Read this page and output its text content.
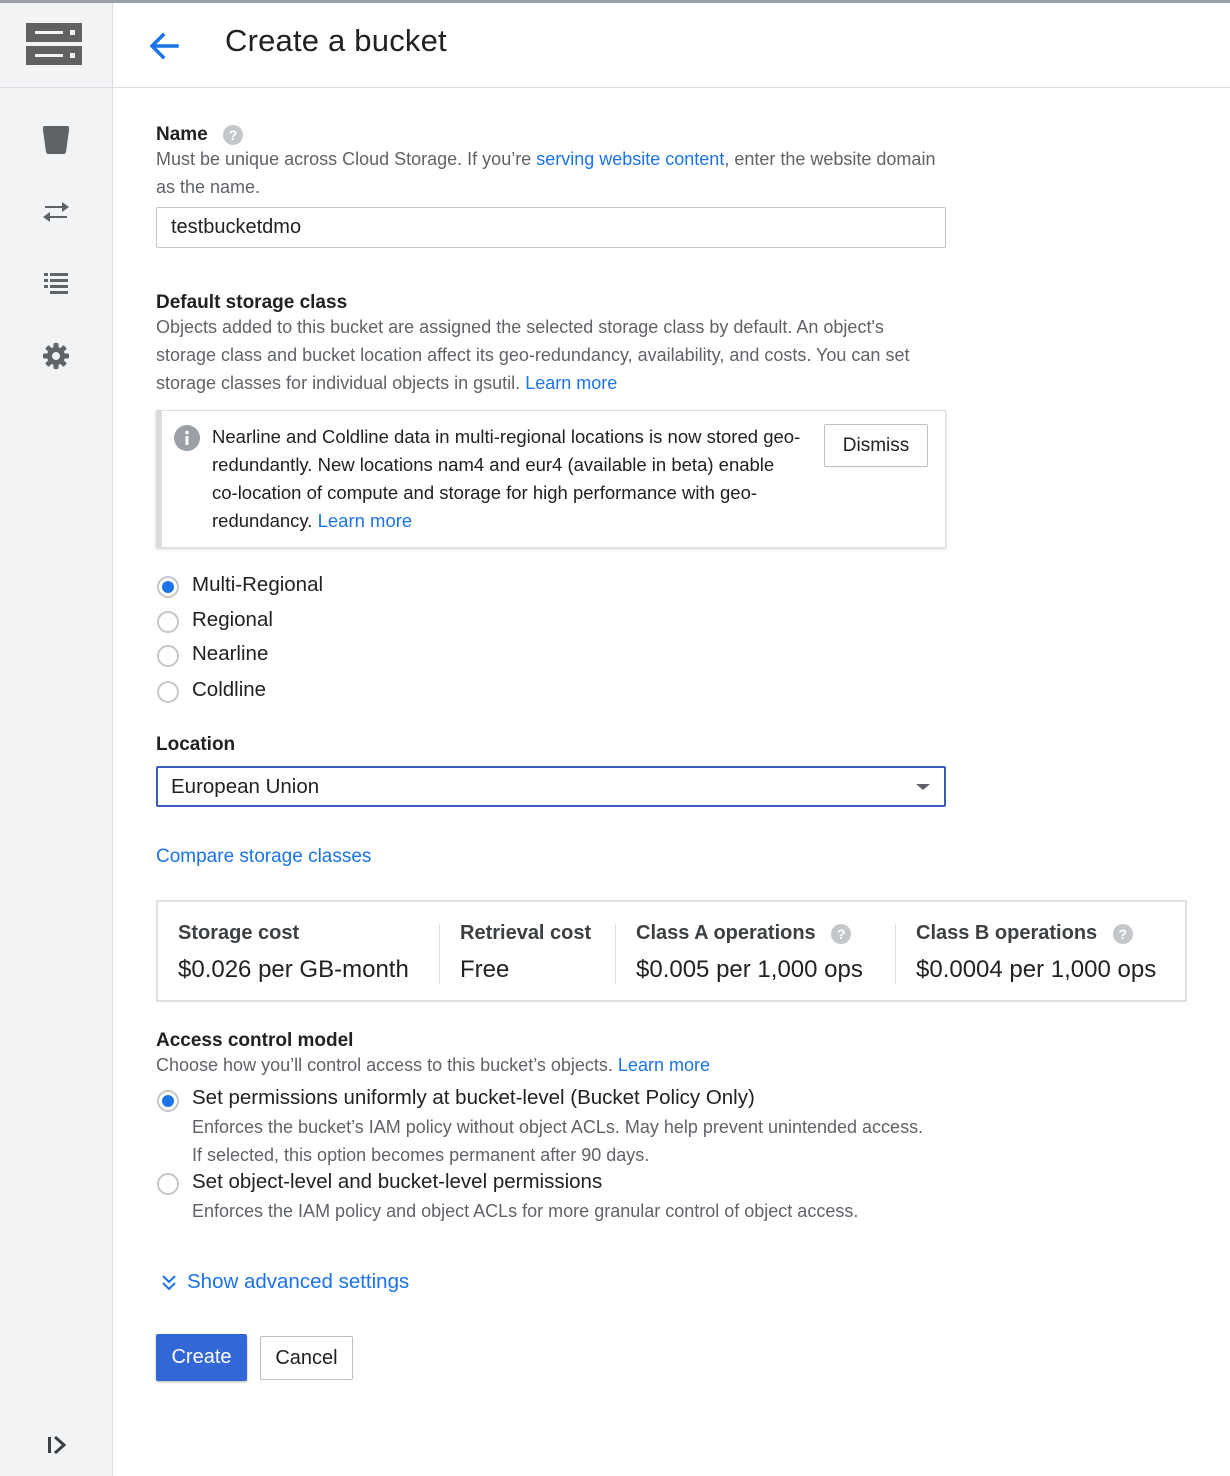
Create a bucket
Name ?
Must be unique across Cloud Storage. If you’re serving website content, enter the website domain as the name.
testbucketdmo
Default storage class
Objects added to this bucket are assigned the selected storage class by default. An object's storage class and bucket location affect its geo-redundancy, availability, and costs. You can set storage classes for individual objects in gsutil. Learn more
Nearline and Coldline data in multi-regional locations is now stored geo-redundantly. New locations nam4 and eur4 (available in beta) enable co-location of compute and storage for high performance with geo-redundancy. Learn more
Dismiss
Multi-Regional
Regional
Nearline
Coldline
Location
European Union
Compare storage classes
Storage cost
$0.026 per GB-month
Retrieval cost
Free
Class A operations ?
$0.005 per 1,000 ops
Class B operations ?
$0.0004 per 1,000 ops
Access control model
Choose how you’ll control access to this bucket’s objects. Learn more
Set permissions uniformly at bucket-level (Bucket Policy Only)
Enforces the bucket’s IAM policy without object ACLs. May help prevent unintended access. If selected, this option becomes permanent after 90 days.
Set object-level and bucket-level permissions
Enforces the IAM policy and object ACLs for more granular control of object access.
Show advanced settings
Create	Cancel
